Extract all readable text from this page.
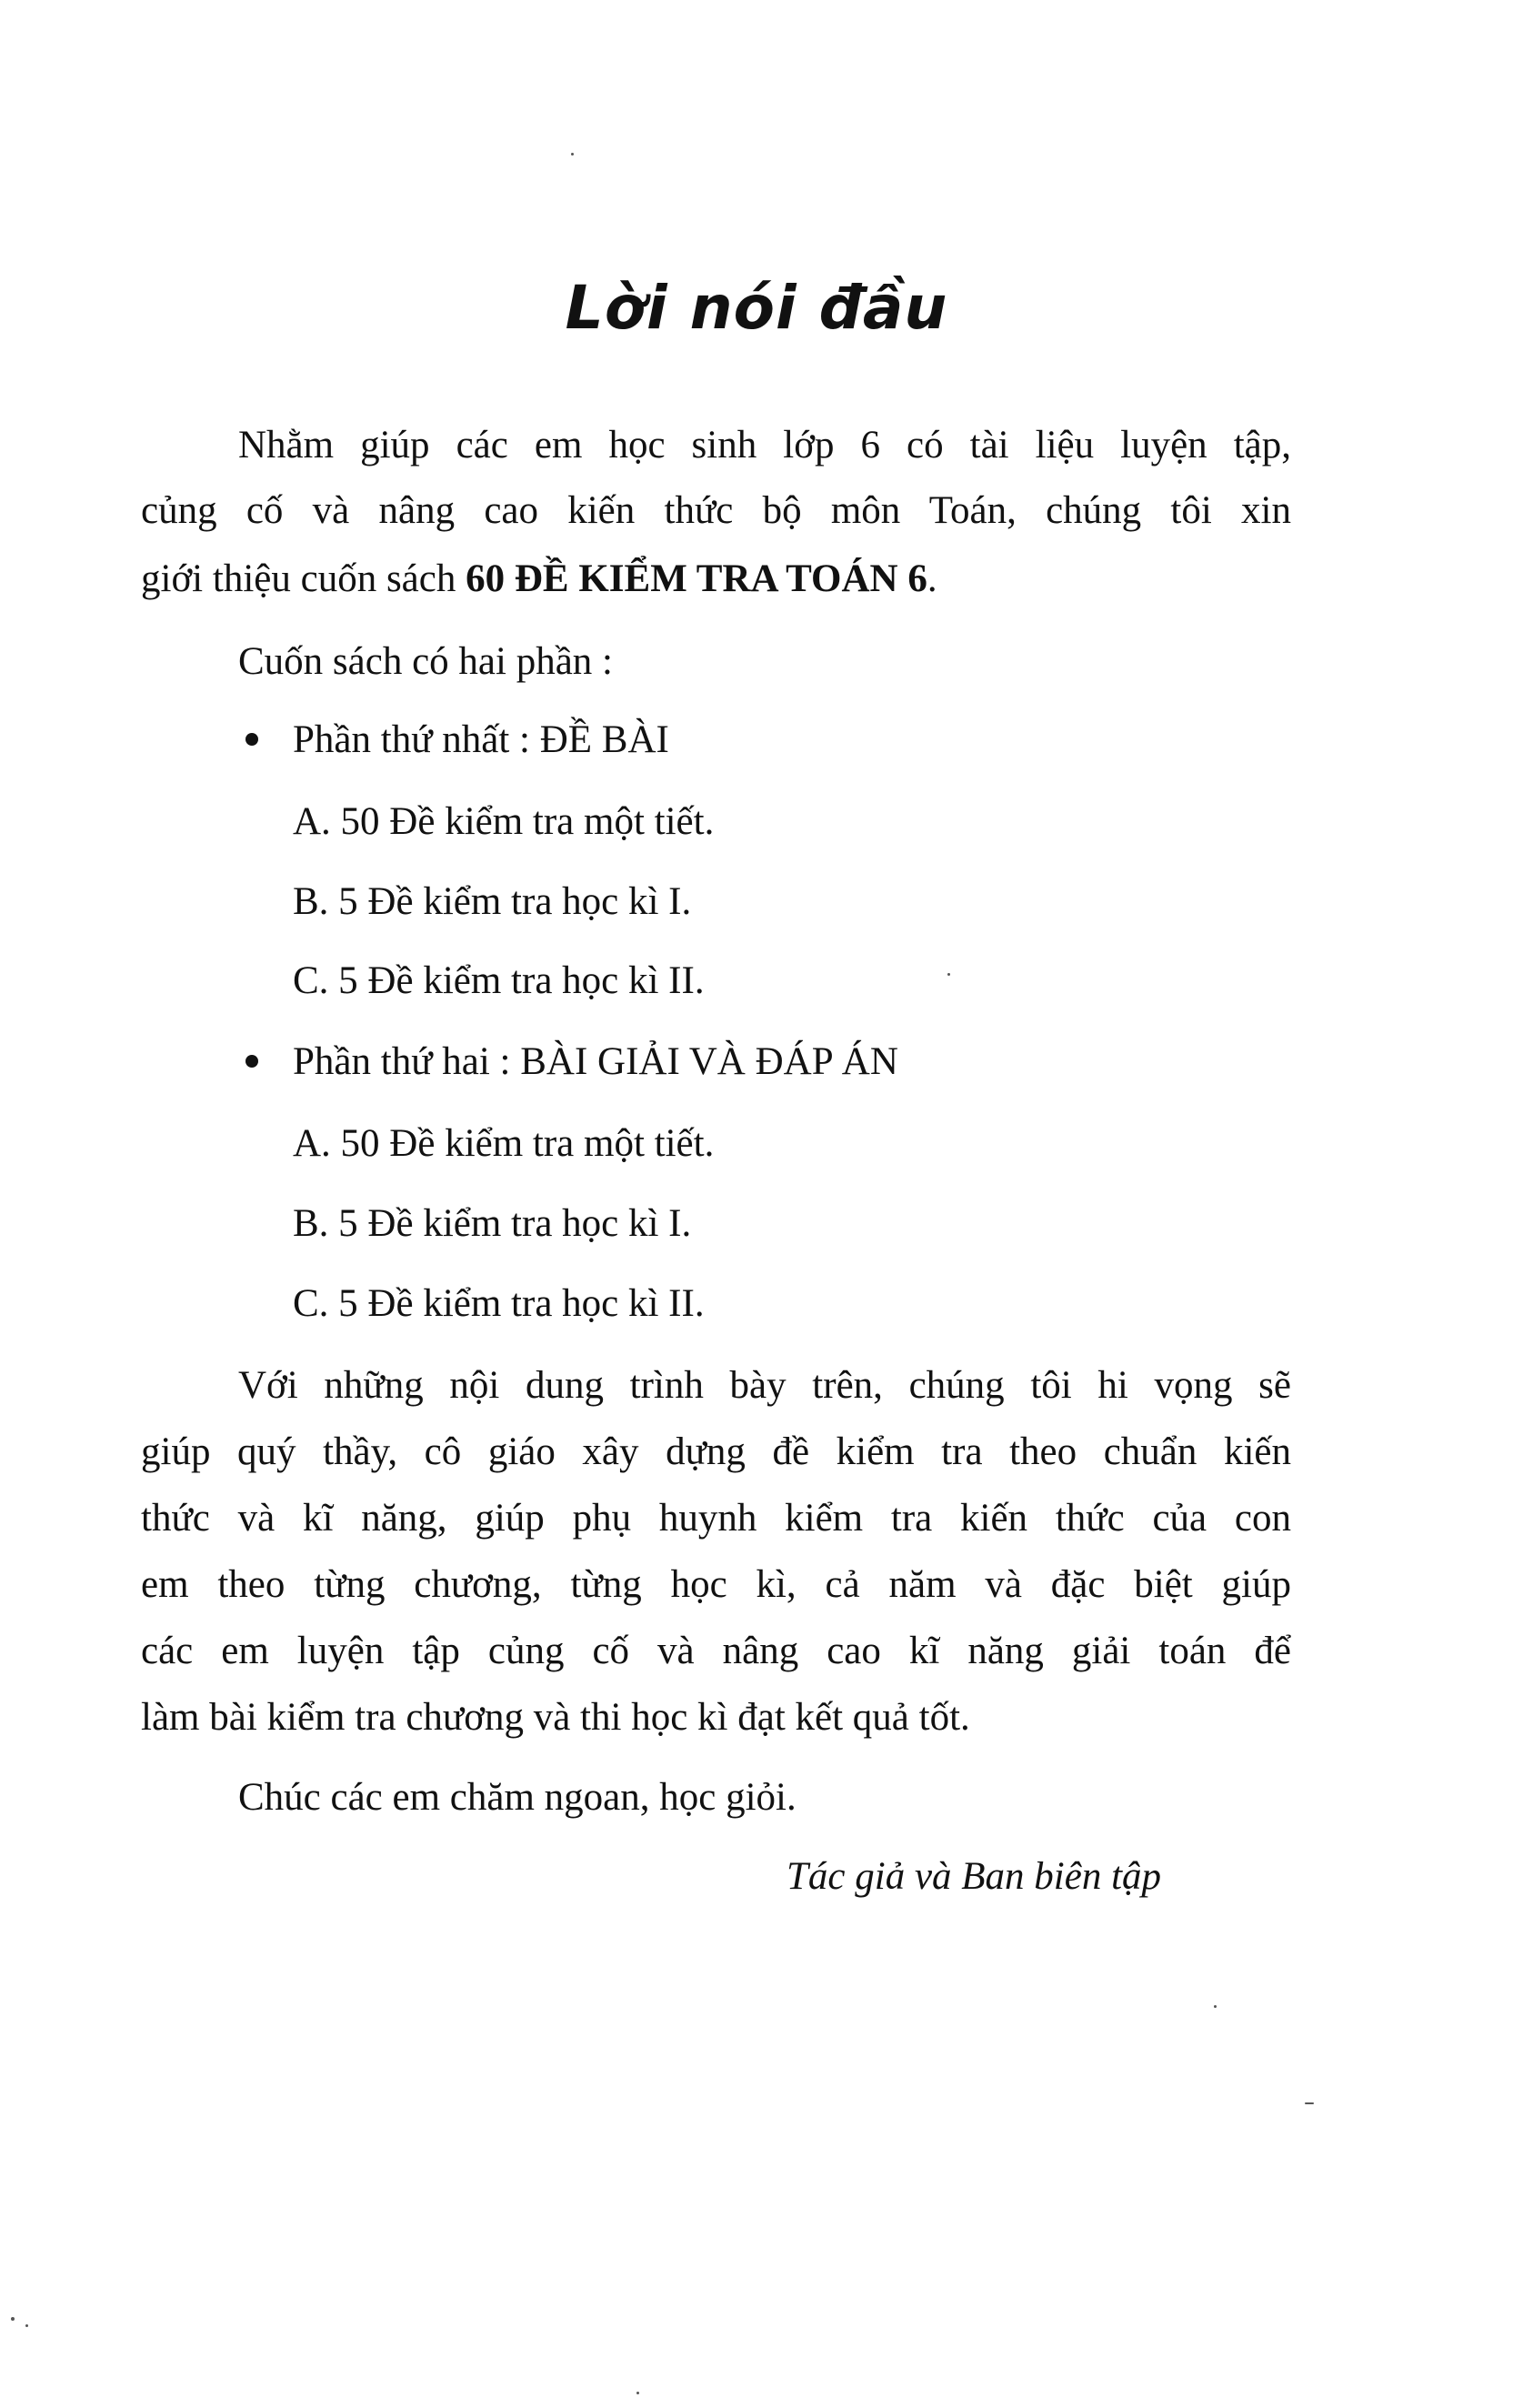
Lời nói đầu
Nhằm giúp các em học sinh lớp 6 có tài liệu luyện tập,
củng cố và nâng cao kiến thức bộ môn Toán, chúng tôi xin
giới thiệu cuốn sách 60 ĐỀ KIỂM TRA TOÁN 6.
Cuốn sách có hai phần :
Phần thứ nhất : ĐỀ BÀI
A. 50 Đề kiểm tra một tiết.
B. 5 Đề kiểm tra học kì I.
C. 5 Đề kiểm tra học kì II.
Phần thứ hai : BÀI GIẢI VÀ ĐÁP ÁN
A. 50 Đề kiểm tra một tiết.
B. 5 Đề kiểm tra học kì I.
C. 5 Đề kiểm tra học kì II.
Với những nội dung trình bày trên, chúng tôi hi vọng sẽ
giúp quý thầy, cô giáo xây dựng đề kiểm tra theo chuẩn kiến
thức và kĩ năng, giúp phụ huynh kiểm tra kiến thức của con
em theo từng chương, từng học kì, cả năm và đặc biệt giúp
các em luyện tập củng cố và nâng cao kĩ năng giải toán để
làm bài kiểm tra chương và thi học kì đạt kết quả tốt.
Chúc các em chăm ngoan, học giỏi.
Tác giả và Ban biên tập
